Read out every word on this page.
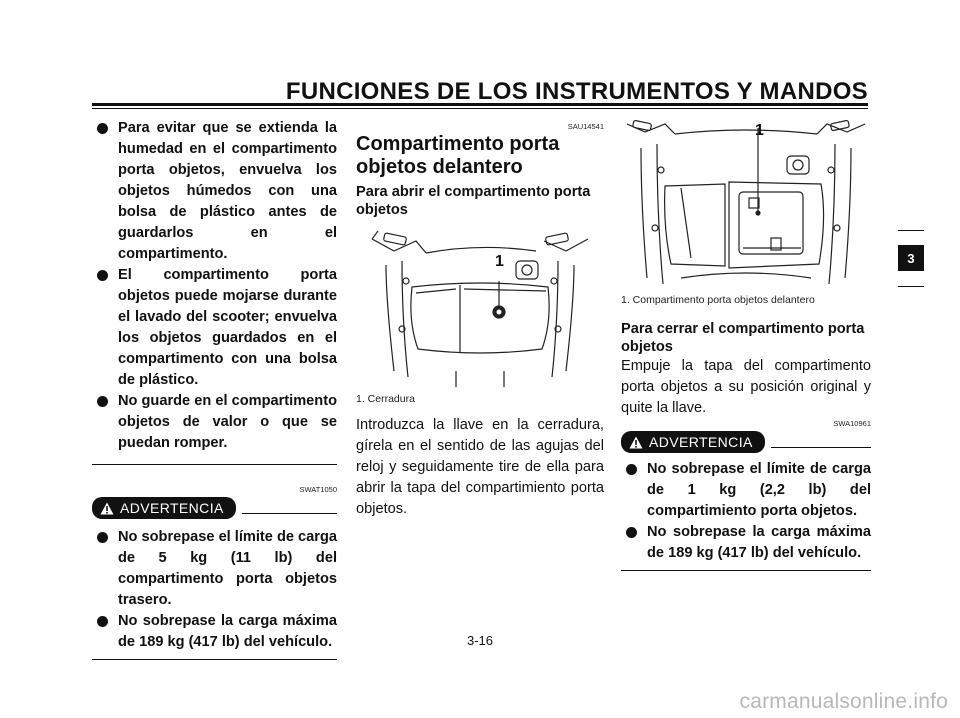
FUNCIONES DE LOS INSTRUMENTOS Y MANDOS
Para evitar que se extienda la humedad en el compartimento porta objetos, envuelva los objetos húmedos con una bolsa de plástico antes de guardarlos en el compartimento.
El compartimento porta objetos puede mojarse durante el lavado del scooter; envuelva los objetos guardados en el compartimento con una bolsa de plástico.
No guarde en el compartimento objetos de valor o que se puedan romper.
SWAT1050
ADVERTENCIA
No sobrepase el límite de carga de 5 kg (11 lb) del compartimento porta objetos trasero.
No sobrepase la carga máxima de 189 kg (417 lb) del vehículo.
SAU14541
Compartimento porta objetos delantero
Para abrir el compartimento porta objetos
1
1. Cerradura

Introduzca la llave en la cerradura, gírela en el sentido de las agujas del reloj y seguidamente tire de ella para abrir la tapa del compartimiento porta objetos.

1
1. Compartimento porta objetos delantero
Para cerrar el compartimento porta objetos

Empuje la tapa del compartimento porta objetos a su posición original y quite la llave.

SWA10961
ADVERTENCIA
No sobrepase el límite de carga de 1 kg (2,2 lb) del compartimiento porta objetos.
No sobrepase la carga máxima de 189 kg (417 lb) del vehículo.
3
3-16
carmanualsonline.info
